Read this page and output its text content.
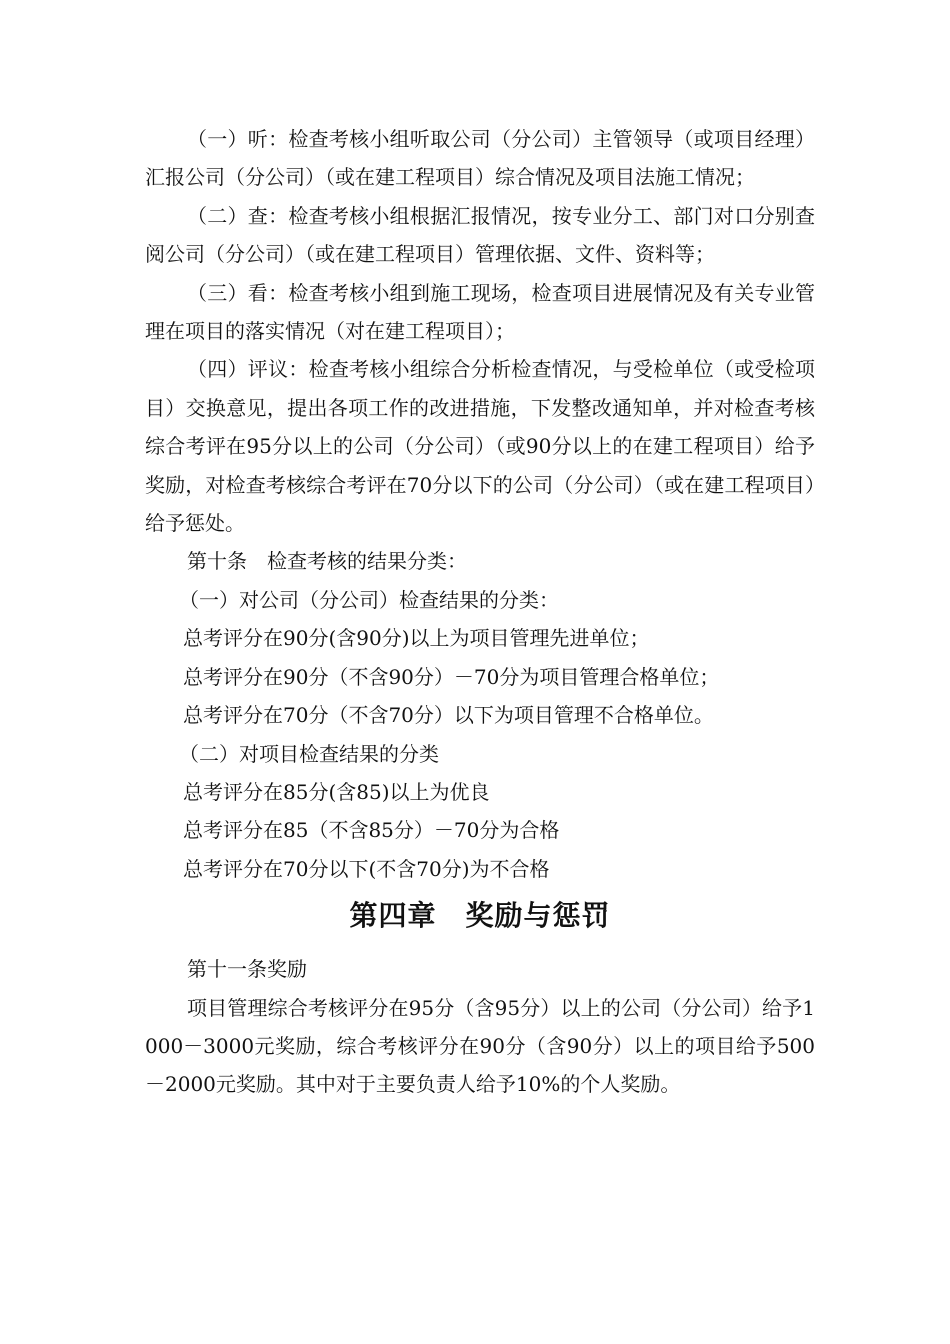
（一）听：检查考核小组听取公司（分公司）主管领导（或项目经理）汇报公司（分公司）（或在建工程项目）综合情况及项目法施工情况；

（二）查：检查考核小组根据汇报情况，按专业分工、部门对口分别查阅公司（分公司）（或在建工程项目）管理依据、文件、资料等；

（三）看：检查考核小组到施工现场，检查项目进展情况及有关专业管理在项目的落实情况（对在建工程项目）；

（四）评议：检查考核小组综合分析检查情况，与受检单位（或受检项目）交换意见，提出各项工作的改进措施，下发整改通知单，并对检查考核综合考评在95分以上的公司（分公司）（或90分以上的在建工程项目）给予奖励，对检查考核综合考评在70分以下的公司（分公司）（或在建工程项目）给予惩处。

第十条　检查考核的结果分类：

（一）对公司（分公司）检查结果的分类：

总考评分在90分(含90分)以上为项目管理先进单位；

总考评分在90分（不含90分）－70分为项目管理合格单位；

总考评分在70分（不含70分）以下为项目管理不合格单位。

（二）对项目检查结果的分类

总考评分在85分(含85)以上为优良

总考评分在85（不含85分）－70分为合格

总考评分在70分以下(不含70分)为不合格

第四章　奖励与惩罚

第十一条奖励

项目管理综合考核评分在95分（含95分）以上的公司（分公司）给予1000－3000元奖励，综合考核评分在90分（含90分）以上的项目给予500－2000元奖励。其中对于主要负责人给予10%的个人奖励。
